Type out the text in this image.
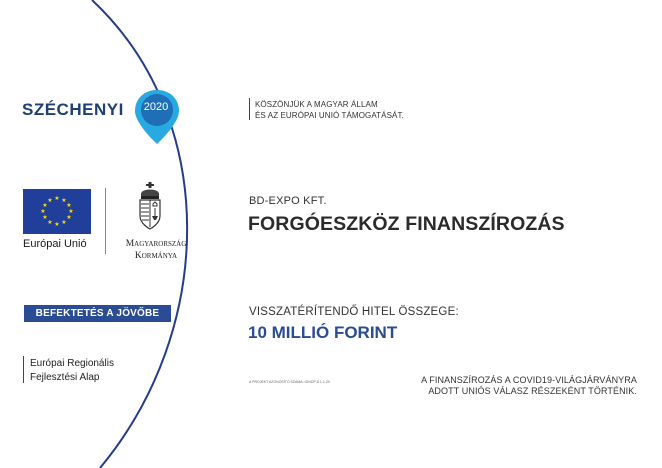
SZÉCHENYI	2020
★ ★
★
★
★
★
★
★
★
★
★
★
Európai Unió	Magyarország
Kormánya
BEFEKTETÉS A JÖVŐBE
Európai Regionális
Fejlesztési Alap
KÖSZÖNJÜK A MAGYAR ÁLLAM
ÉS AZ EURÓPAI UNIÓ TÁMOGATÁSÁT.
BD-EXPO KFT.
FORGÓESZKÖZ FINANSZÍROZÁS
VISSZATÉRÍTENDŐ HITEL ÖSSZEGE:
10 MILLIÓ FORINT
A PROJEKT AZONOSÍTÓ SZÁMA: GINOP-8.1.1-20	A FINANSZÍROZÁS A COVID19-VILÁGJÁRVÁNYRA
ADOTT UNIÓS VÁLASZ RÉSZEKÉNT TÖRTÉNIK.
